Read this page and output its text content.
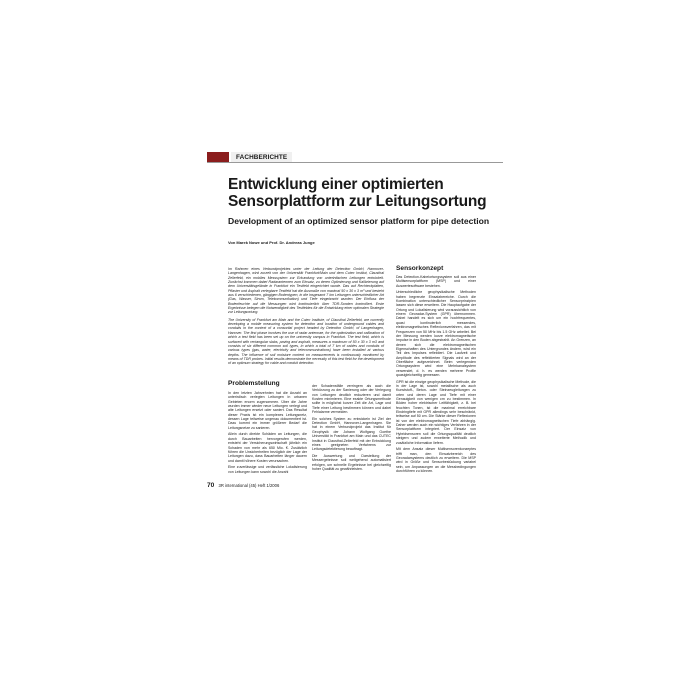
FACHBERICHTE
Entwicklung einer optimierten Sensorplattform zur Leitungsortung
Development of an optimized sensor platform for pipe detection
Von Marek Nowe und Prof. Dr. Andreas Junge

Im Rahmen eines Verbundprojektes unter der Leitung der Detection GmbH, Hannover-Langenhagen, wird zurzeit von der Universität Frankfurt/Main und dem Cutec Institut, Clausthal Zellerfeld, ein mobiles Messsystem zur Erkundung von unterirdischen Leitungen entwickelt. Zunächst kommen dabei Radarantennen zum Einsatz, zu deren Optimierung und Kalibrierung auf dem Universitätsgelände in Frankfurt ein Testfeld eingerichtet wurde. Das auf Rechteckplatten, Pflaster und Asphalt verlegbare Testfeld hat die Ausmaße von maximal 50 x 30 x 3 m³ und besteht aus 6 verschiedenen, gängigen Bodentypen, in die insgesamt 7 km Leitungen unterschiedlicher Art (Gas, Wasser, Strom, Telekommunikation) und Tiefe eingebracht wurden. Der Einfluss der Bodenfeuchte auf die Messungen wird kontinuierlich über TDR-Sonden kontrolliert. Erste Ergebnisse belegen die Notwendigkeit des Testfeldes für die Entwicklung einer optimalen Strategie zur Leitungsortung.

The University of Frankfurt am Main and the Cutec Institute, of Clausthal Zellerfeld, are currently developing a mobile measuring system for detection and location of underground cables and conduits in the context of a consortial project headed by Detection GmbH, of Langenhagen, Hanover. The first phase involves the use of radar antennae, for the optimization and calibration of which a test field has been set up on the university campus in Frankfurt. The test field, which is surfaced with rectangular slabs, paving and asphalt, measures a maximum of 50 x 30 x 3 m3 and consists of six different common soil types, in which a total of 7 km of cables and conduits of various types (gas, water, electricity and telecommunications) have been installed at various depths. The influence of soil moisture content on measurements is continuously monitored by means of TDR probes. Initial results demonstrate the necessity of this test field for the development of an optimum strategy for cable and conduit detection.

Problemstellung

In den letzten Jahrzehnten hat die Anzahl an unterirdisch verlegten Leitungen in urbanen Gebieten enorm zugenommen. Über die Jahre wurden immer wieder neue Leitungen verlegt und alte Leitungen ersetzt oder saniert. Das Resultat dieser Praxis ist ein komplexes Leitungsnetz, dessen Lage teilweise ungenau dokumentiert ist. Dazu kommt ein immer größerer Bedarf die Leitungsnetze zu sanieren.

Allein durch direkte Schäden an Leitungen, die durch Bauarbeiten hervorgerufen werden, entsteht der Versicherungswirtschaft jährlich ein Schaden von mehr als 650 Mio. €. Zusätzlich führen die Unsicherheiten bezüglich der Lage der Leitungen dazu, dass Bauarbeiten länger dauern und damit höhere Kosten verursachen.

Eine zuverlässige und verlässliche Lokalisierung von Leitungen kann sowohl die Anzahl

der Schadensfälle verringern als auch die Verkürzung zu der Sanierung oder der Verlegung von Leitungen deutlich reduzieren und damit Kosten minimieren. Eine exakte Ortungsmethode sollte in möglichst kurzer Zeit die Art, Lage und Tiefe einer Leitung bestimmen können und dabei Fehlalarme vermeiden.

Ein solches System zu entwickeln ist Ziel der Detection GmbH, Hannover-Langenhagen. Sie hat in einem Verbundprojekt das Institut für Geophysik der Johann Wolfgang Goethe Universität in Frankfurt am Main und das CUTEC Institut in Clausthal-Zellerfeld mit der Entwicklung eines geeigneten Verfahrens zur Leitungsdetektierung beauftragt.

Die Auswertung und Darstellung der Messergebnisse soll weitgehend automatisiert erfolgen, um schnelle Ergebnisse bei gleichzeitig hoher Qualität zu gewährleisten.

Sensorkonzept

Das Detection-Kabelortungssystem soll aus einer Multisensorplattform (MSP) und einer Auswertesoftware bestehen.

Unterschiedliche geophysikalische Methoden haben begrenzte Einsatzbereiche. Durch die Kombination unterschiedlicher Sensorprinzipien lassen sich diese erweitern. Die Hauptaufgabe der Ortung und Lokalisierung wird voraussichtlich von einem Georadar-System (GPR) übernommen. Dabei handelt es sich um ein hochfrequentes, quasi kontinuierlich messendes, elektromagnetisches Reflexionsverfahren, das mit Frequenzen von 50 MHz bis 1.5 GHz arbeitet. Bei der Messung werden kurze elektromagnetische Impulse in den Boden abgestrahlt. An Grenzen, an denen sich die elektromagnetischen Eigenschaften des Untergrundes ändern, wird ein Teil des Impulses reflektiert. Die Laufzeit und Amplitude des reflektierten Signals wird an der Oberfläche aufgezeichnet. Beim verlegenden Ortungssystem wird eine Mehrkanalsystem verwendet, d. h. es werden mehrere Profile quasigleichzeitig gemessen.

GPR ist die einzige geophysikalische Methode, die in der Lage ist, sowohl metallische als auch Kunststoff-, Beton- oder Steinzeugleitungen zu orten und deren Lage und Tiefe mit einer Genauigkeit von wenigen cm zu bestimmen. In Böden hoher elektrischer Leitfähigkeit, z. B. bei feuchten Tonen, ist die maximal erreichbare Eindringtiefe mit GPR allerdings sehr beschränkt, teilweise auf 50 cm. Die Stärke dieser Reflexionen ist von der elektromagnetischen Tiefe abhängig. Daher werden auch ein wichtiges Verfahren in der Sensorplattform integriert. Der Einsatz von Hybridsensoren soll die Ortungsqualität deutlich steigern und zudem erweiterte Methodik und zusätzliche Information liefern.

Mit dem Ansatz dieser Multisensorenkonzeptes trifft man, den Einsatzbereich des Georadarsystems deutlich zu erweitern. Die MSP wird in Größe und Sensorbestückung variabel sein, um Anpassungen an die Messbedingungen durchführen zu können.

70 3R international (45) Heft 1/2006
